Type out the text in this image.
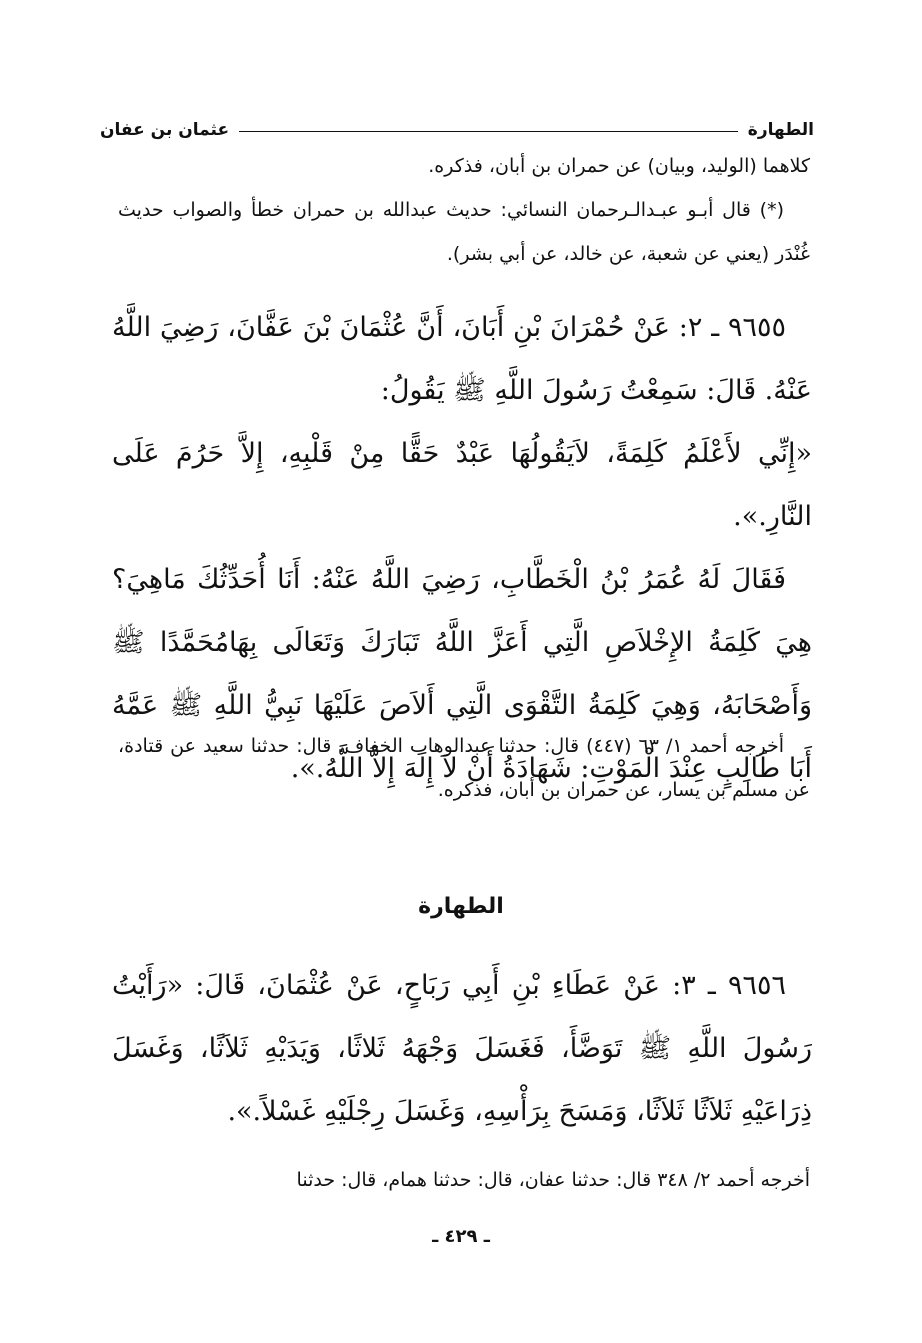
الطهارة
عثمان بن عفان

كلاهما (الوليد، وبيان) عن حمران بن أبان، فذكره.

(*) قال أبـو عبـدالـرحمان النسائي: حديث عبدالله بن حمران خطأ والصواب حديث غُنْدَر (يعني عن شعبة، عن خالد، عن أبي بشر).

٩٦٥٥ ـ ٢: عَنْ حُمْرَانَ بْنِ أَبَانَ، أَنَّ عُثْمَانَ بْنَ عَفَّانَ، رَضِيَ اللَّهُ عَنْهُ. قَالَ: سَمِعْتُ رَسُولَ اللَّهِ ﷺ يَقُولُ:

«إِنِّي لأَعْلَمُ كَلِمَةً، لاَيَقُولُهَا عَبْدٌ حَقًّا مِنْ قَلْبِهِ، إِلاَّ حَرُمَ عَلَى النَّارِ.».

فَقَالَ لَهُ عُمَرُ بْنُ الْخَطَّابِ، رَضِيَ اللَّهُ عَنْهُ: أَنَا أُحَدِّثُكَ مَاهِيَ؟ هِيَ كَلِمَةُ الإِخْلاَصِ الَّتِي أَعَزَّ اللَّهُ تَبَارَكَ وَتَعَالَى بِهَامُحَمَّدًا ﷺ وَأَصْحَابَهُ، وَهِيَ كَلِمَةُ التَّقْوَى الَّتِي أَلاَصَ عَلَيْهَا نَبِيُّ اللَّهِ ﷺ عَمَّهُ أَبَا طَالِبٍ عِنْدَ الْمَوْتِ: شَهَادَةُ أَنْ لاَ إِلَهَ إِلاَّ اللَّهُ.».

أخرجه أحمد ١/ ٦٣ (٤٤٧) قال: حدثنا عبدالوهاب الخفاف، قال: حدثنا سعيد عن قتادة، عن مسلم بن يسار، عن حمران بن أبان، فذكره.

الطهارة

٩٦٥٦ ـ ٣: عَنْ عَطَاءِ بْنِ أَبِي رَبَاحٍ، عَنْ عُثْمَانَ، قَالَ: «رَأَيْتُ رَسُولَ اللَّهِ ﷺ تَوَضَّأَ، فَغَسَلَ وَجْهَهُ ثَلاثًا، وَيَدَيْهِ ثَلاَثًا، وَغَسَلَ ذِرَاعَيْهِ ثَلاَثًا ثَلاَثًا، وَمَسَحَ بِرَأْسِهِ، وَغَسَلَ رِجْلَيْهِ غَسْلاً.».

أخرجه أحمد ٢/ ٣٤٨ قال: حدثنا عفان، قال: حدثنا همام، قال: حدثنا

ـ ٤٢٩ ـ
